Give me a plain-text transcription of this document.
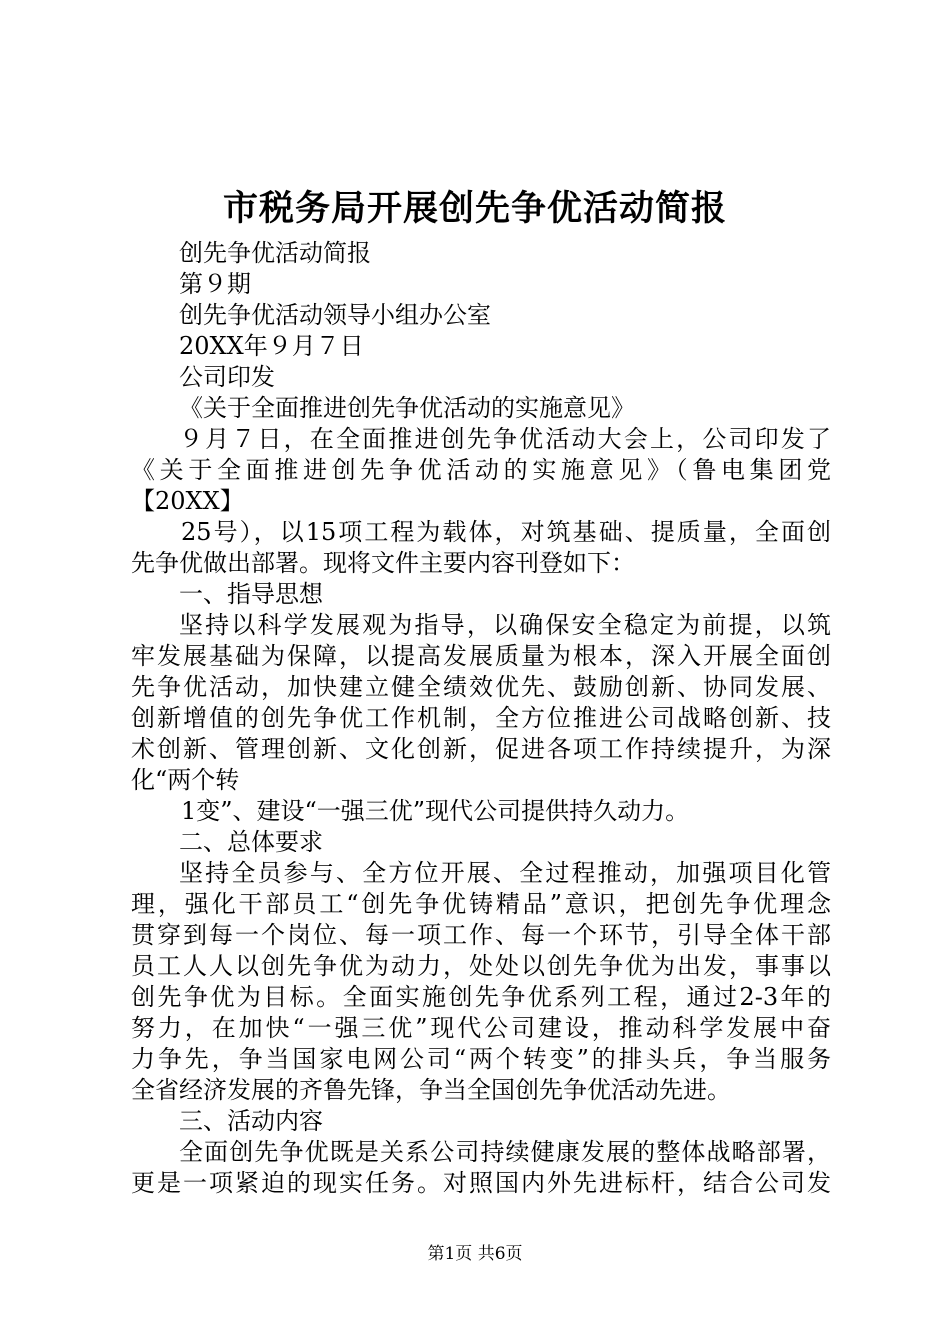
市税务局开展创先争优活动简报
创先争优活动简报
第９期
创先争优活动领导小组办公室
20XX年９月７日
公司印发
《关于全面推进创先争优活动的实施意见》
９月７日，在全面推进创先争优活动大会上，公司印发了
《关于全面推进创先争优活动的实施意见》（鲁电集团党
【20XX】
25号），以15项工程为载体，对筑基础、提质量，全面创
先争优做出部署。现将文件主要内容刊登如下：
一、指导思想
坚持以科学发展观为指导，以确保安全稳定为前提，以筑
牢发展基础为保障，以提高发展质量为根本，深入开展全面创
先争优活动，加快建立健全绩效优先、鼓励创新、协同发展、
创新增值的创先争优工作机制，全方位推进公司战略创新、技
术创新、管理创新、文化创新，促进各项工作持续提升，为深
化“两个转
1变”、建设“一强三优”现代公司提供持久动力。
二、总体要求
坚持全员参与、全方位开展、全过程推动，加强项目化管
理，强化干部员工“创先争优铸精品”意识，把创先争优理念
贯穿到每一个岗位、每一项工作、每一个环节，引导全体干部
员工人人以创先争优为动力，处处以创先争优为出发，事事以
创先争优为目标。全面实施创先争优系列工程，通过2-3年的
努力，在加快“一强三优”现代公司建设，推动科学发展中奋
力争先，争当国家电网公司“两个转变”的排头兵，争当服务
全省经济发展的齐鲁先锋，争当全国创先争优活动先进。
三、活动内容
全面创先争优既是关系公司持续健康发展的整体战略部署，
更是一项紧迫的现实任务。对照国内外先进标杆，结合公司发
第1页 共6页
